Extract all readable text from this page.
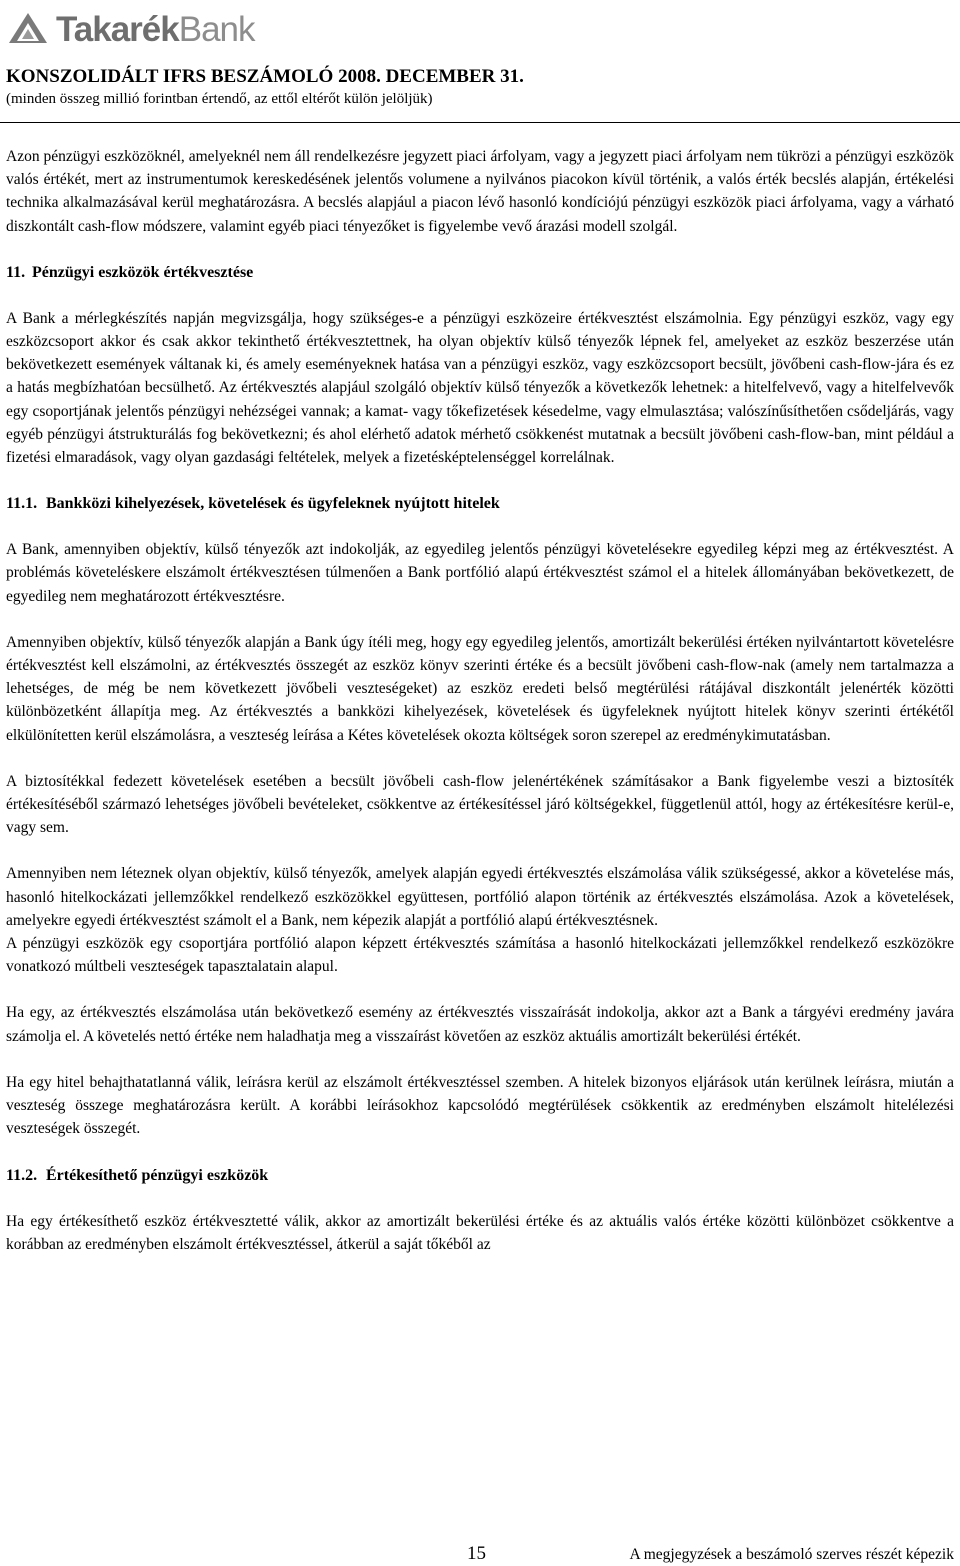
TakarékBank
KONSZOLIDÁLT IFRS BESZÁMOLÓ 2008. DECEMBER 31.
(minden összeg millió forintban értendő, az ettől eltérőt külön jelöljük)

Azon pénzügyi eszközöknél, amelyeknél nem áll rendelkezésre jegyzett piaci árfolyam, vagy a jegyzett piaci árfolyam nem tükrözi a pénzügyi eszközök valós értékét, mert az instrumentumok kereskedésének jelentős volumene a nyilvános piacokon kívül történik, a valós érték becslés alapján, értékelési technika alkalmazásával kerül meghatározásra. A becslés alapjául a piacon lévő hasonló kondíciójú pénzügyi eszközök piaci árfolyama, vagy a várható diszkontált cash-flow módszere, valamint egyéb piaci tényezőket is figyelembe vevő árazási modell szolgál.

11. Pénzügyi eszközök értékvesztése

A Bank a mérlegkészítés napján megvizsgálja, hogy szükséges-e a pénzügyi eszközeire értékvesztést elszámolnia. Egy pénzügyi eszköz, vagy egy eszközcsoport akkor és csak akkor tekinthető értékvesztettnek, ha olyan objektív külső tényezők lépnek fel, amelyeket az eszköz beszerzése után bekövetkezett események váltanak ki, és amely eseményeknek hatása van a pénzügyi eszköz, vagy eszközcsoport becsült, jövőbeni cash-flow-jára és ez a hatás megbízhatóan becsülhető. Az értékvesztés alapjául szolgáló objektív külső tényezők a következők lehetnek: a hitelfelvevő, vagy a hitelfelvevők egy csoportjának jelentős pénzügyi nehézségei vannak; a kamat- vagy tőkefizetések késedelme, vagy elmulasztása; valószínűsíthetően csődeljárás, vagy egyéb pénzügyi átstrukturálás fog bekövetkezni; és ahol elérhető adatok mérhető csökkenést mutatnak a becsült jövőbeni cash-flow-ban, mint például a fizetési elmaradások, vagy olyan gazdasági feltételek, melyek a fizetésképtelenséggel korrelálnak.

11.1. Bankközi kihelyezések, követelések és ügyfeleknek nyújtott hitelek

A Bank, amennyiben objektív, külső tényezők azt indokolják, az egyedileg jelentős pénzügyi követelésekre egyedileg képzi meg az értékvesztést. A problémás követeléskere elszámolt értékvesztésen túlmenően a Bank portfólió alapú értékvesztést számol el a hitelek állományában bekövetkezett, de egyedileg nem meghatározott értékvesztésre.

Amennyiben objektív, külső tényezők alapján a Bank úgy ítéli meg, hogy egy egyedileg jelentős, amortizált bekerülési értéken nyilvántartott követelésre értékvesztést kell elszámolni, az értékvesztés összegét az eszköz könyv szerinti értéke és a becsült jövőbeni cash-flow-nak (amely nem tartalmazza a lehetséges, de még be nem következett jövőbeli veszteségeket) az eszköz eredeti belső megtérülési rátájával diszkontált jelenérték közötti különbözetként állapítja meg. Az értékvesztés a bankközi kihelyezések, követelések és ügyfeleknek nyújtott hitelek könyv szerinti értékétől elkülönítetten kerül elszámolásra, a veszteség leírása a Kétes követelések okozta költségek soron szerepel az eredménykimutatásban.

A biztosítékkal fedezett követelések esetében a becsült jövőbeli cash-flow jelenértékének számításakor a Bank figyelembe veszi a biztosíték értékesítéséből származó lehetséges jövőbeli bevételeket, csökkentve az értékesítéssel járó költségekkel, függetlenül attól, hogy az értékesítésre kerül-e, vagy sem.

Amennyiben nem léteznek olyan objektív, külső tényezők, amelyek alapján egyedi értékvesztés elszámolása válik szükségessé, akkor a követelése más, hasonló hitelkockázati jellemzőkkel rendelkező eszközökkel együttesen, portfólió alapon történik az értékvesztés elszámolása. Azok a követelések, amelyekre egyedi értékvesztést számolt el a Bank, nem képezik alapját a portfólió alapú értékvesztésnek.

A pénzügyi eszközök egy csoportjára portfólió alapon képzett értékvesztés számítása a hasonló hitelkockázati jellemzőkkel rendelkező eszközökre vonatkozó múltbeli veszteségek tapasztalatain alapul.

Ha egy, az értékvesztés elszámolása után bekövetkező esemény az értékvesztés visszaírását indokolja, akkor azt a Bank a tárgyévi eredmény javára számolja el. A követelés nettó értéke nem haladhatja meg a visszaírást követően az eszköz aktuális amortizált bekerülési értékét.

Ha egy hitel behajthatatlanná válik, leírásra kerül az elszámolt értékvesztéssel szemben. A hitelek bizonyos eljárások után kerülnek leírásra, miután a veszteség összege meghatározásra került. A korábbi leírásokhoz kapcsolódó megtérülések csökkentik az eredményben elszámolt hitelélezési veszteségek összegét.

11.2. Értékesíthető pénzügyi eszközök

Ha egy értékesíthető eszköz értékvesztetté válik, akkor az amortizált bekerülési értéke és az aktuális valós értéke közötti különbözet csökkentve a korábban az eredményben elszámolt értékvesztéssel, átkerül a saját tőkéből az

15	A megjegyzések a beszámoló szerves részét képezik
